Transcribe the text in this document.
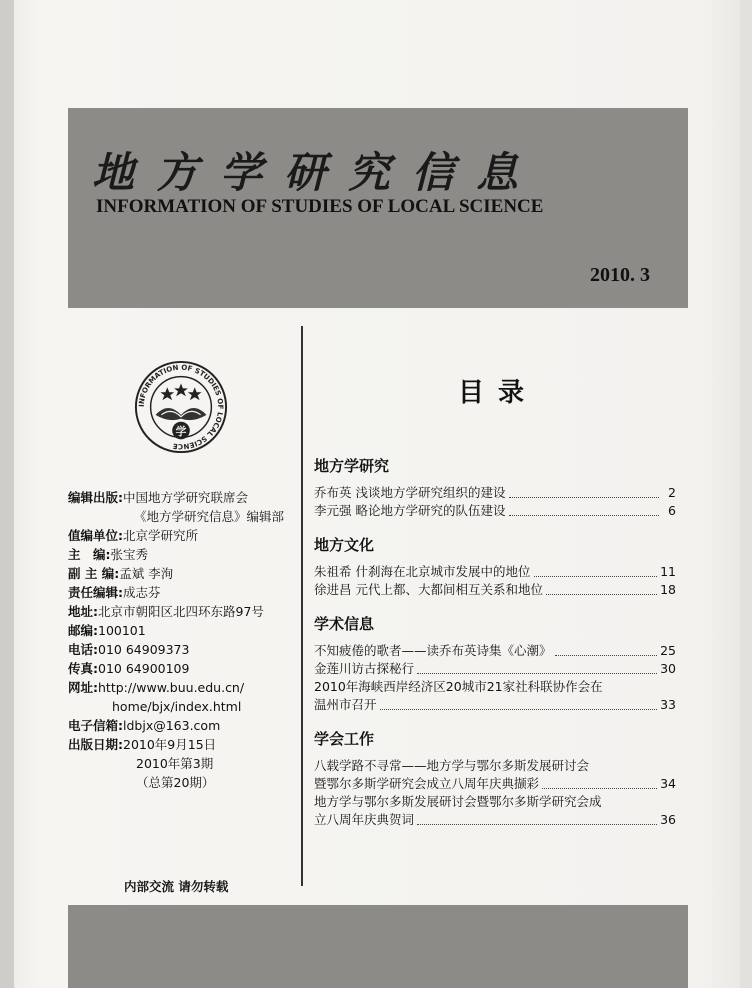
地方学研究信息
INFORMATION OF STUDIES OF LOCAL SCIENCE
2010. 3
INFORMATION OF STUDIES OF LOCAL SCIENCE
学
目录
编辑出版:中国地方学研究联席会
《地方学研究信息》编辑部
值编单位:北京学研究所
主　编:张宝秀
副 主 编:孟斌 李洵
责任编辑:成志芬
地址:北京市朝阳区北四环东路97号
邮编:100101
电话:010 64909373
传真:010 64900109
网址:http://www.buu.edu.cn/
home/bjx/index.html
电子信箱:ldbjx@163.com
出版日期:2010年9月15日
2010年第3期
（总第20期）
内部交流 请勿转载
地方学研究
乔布英 浅谈地方学研究组织的建设	2
李元强 略论地方学研究的队伍建设	6
地方文化
朱祖希 什刹海在北京城市发展中的地位	11
徐进昌 元代上都、大都间相互关系和地位	18
学术信息
不知疲倦的歌者——读乔布英诗集《心潮》	25
金莲川访古探秘行	30
2010年海峡西岸经济区20城市21家社科联协作会在
温州市召开	33
学会工作
八载学路不寻常——地方学与鄂尔多斯发展研讨会
暨鄂尔多斯学研究会成立八周年庆典撷彩	34
地方学与鄂尔多斯发展研讨会暨鄂尔多斯学研究会成
立八周年庆典贺词	36
